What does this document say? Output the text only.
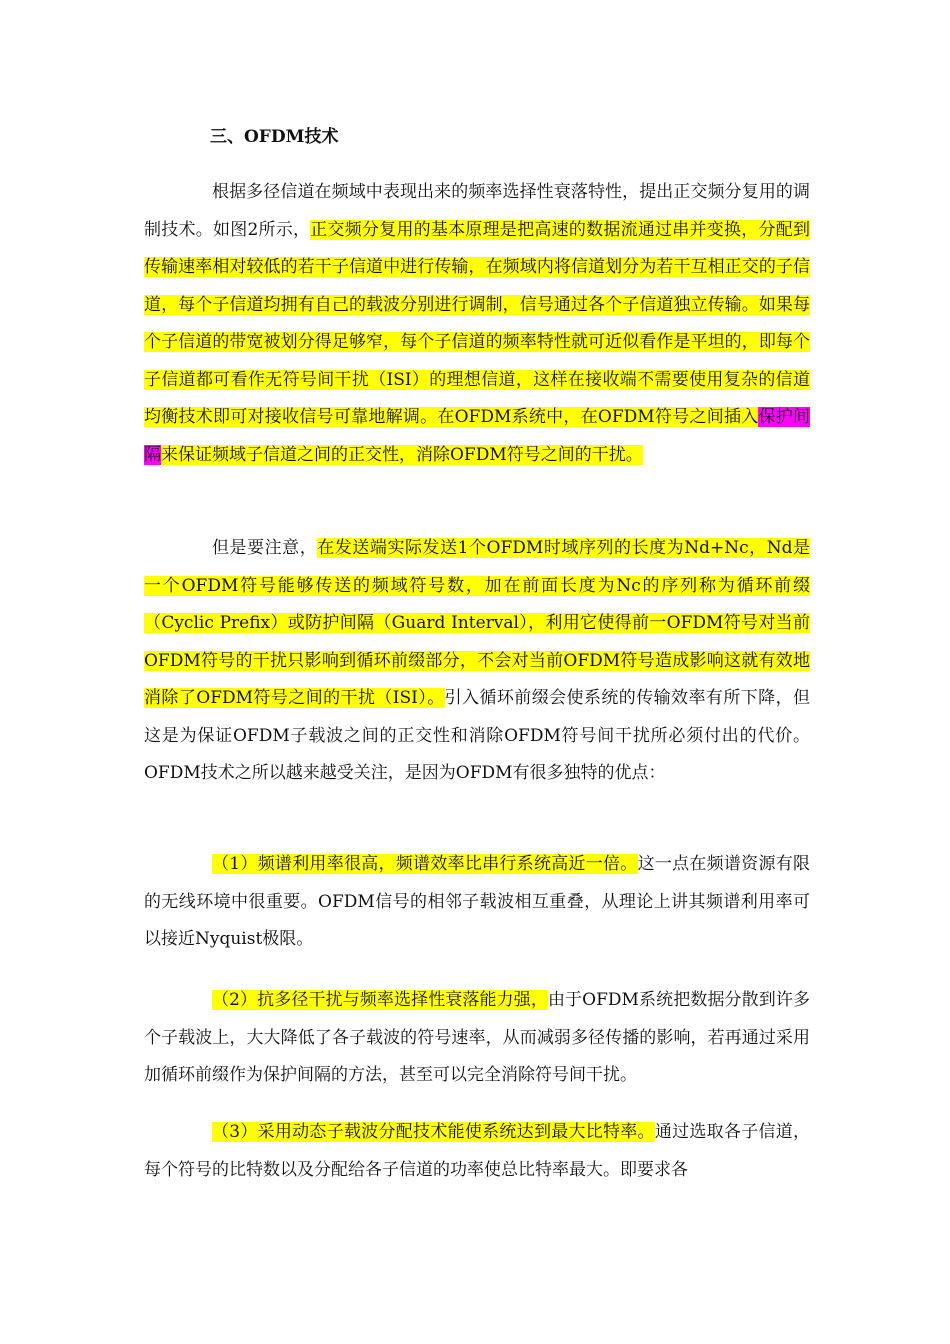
三、OFDM技术
根据多径信道在频域中表现出来的频率选择性衰落特性，提出正交频分复用的调制技术。如图2所示，正交频分复用的基本原理是把高速的数据流通过串并变换，分配到传输速率相对较低的若干子信道中进行传输，在频域内将信道划分为若干互相正交的子信道，每个子信道均拥有自己的载波分别进行调制，信号通过各个子信道独立传输。如果每个子信道的带宽被划分得足够窄，每个子信道的频率特性就可近似看作是平坦的，即每个子信道都可看作无符号间干扰（ISI）的理想信道，这样在接收端不需要使用复杂的信道均衡技术即可对接收信号可靠地解调。在OFDM系统中，在OFDM符号之间插入保护间隔来保证频域子信道之间的正交性，消除OFDM符号之间的干扰。
但是要注意，在发送端实际发送1个OFDM时域序列的长度为Nd+Nc，Nd是一个OFDM符号能够传送的频域符号数，加在前面长度为Nc的序列称为循环前缀（Cyclic Prefix）或防护间隔（Guard Interval），利用它使得前一OFDM符号对当前OFDM符号的干扰只影响到循环前缀部分，不会对当前OFDM符号造成影响这就有效地消除了OFDM符号之间的干扰（ISI）。引入循环前缀会使系统的传输效率有所下降，但这是为保证OFDM子载波之间的正交性和消除OFDM符号间干扰所必须付出的代价。OFDM技术之所以越来越受关注，是因为OFDM有很多独特的优点：
（1）频谱利用率很高，频谱效率比串行系统高近一倍。这一点在频谱资源有限的无线环境中很重要。OFDM信号的相邻子载波相互重叠，从理论上讲其频谱利用率可以接近Nyquist极限。
（2）抗多径干扰与频率选择性衰落能力强，由于OFDM系统把数据分散到许多个子载波上，大大降低了各子载波的符号速率，从而减弱多径传播的影响，若再通过采用加循环前缀作为保护间隔的方法，甚至可以完全消除符号间干扰。
（3）采用动态子载波分配技术能使系统达到最大比特率。通过选取各子信道，每个符号的比特数以及分配给各子信道的功率使总比特率最大。即要求各
